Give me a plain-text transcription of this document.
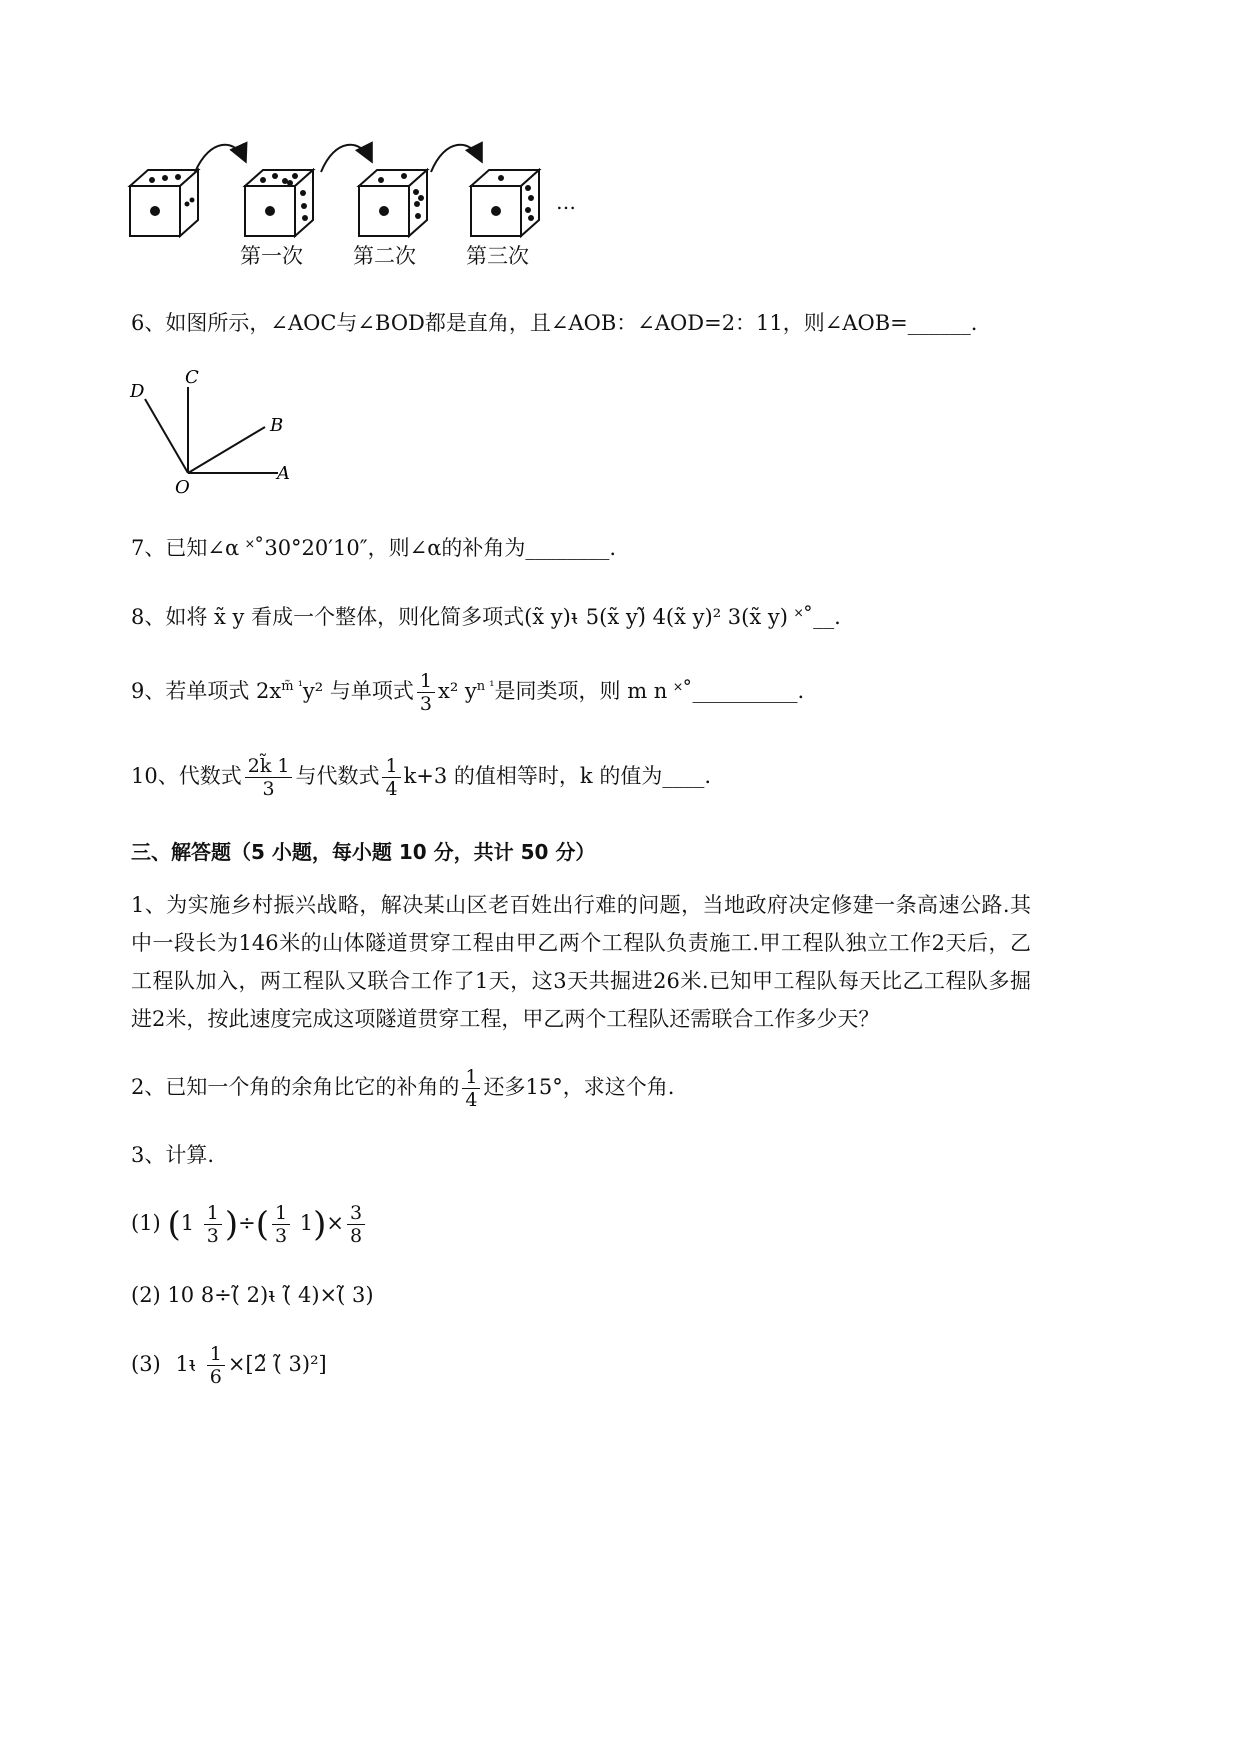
第一次 第二次 第三次
…
6、如图所示，∠AOC与∠BOD都是直角，且∠AOB：∠AOD=2：11，则∠AOB=______.
D
C
B
A
O
7、已知∠α ˟˚30°20′10″，则∠α的补角为________.
8、如将 x̃ y 看成一个整体，则化简多项式(x̃ y)ᵼ 5(x̃ y)̃ 4(x̃ y)² 3(x̃ y) ˟˚__.
9、若单项式 $2x^{m̃ ^1}y^2$ 与单项式 $\frac{1}{3} x^2$ $y^{n ^1}$是同类项，则 m n ˟˚__________.
10、代数式 $\frac{2k̃ 1}{3}$ 与代数式 $\frac{1}{4} k+3$ 的值相等时，k 的值为____.
三、解答题（5 小题，每小题 10 分，共计 50 分）
1、为实施乡村振兴战略，解决某山区老百姓出行难的问题，当地政府决定修建一条高速公路.其中一段长为146米的山体隧道贯穿工程由甲乙两个工程队负责施工.甲工程队独立工作2天后，乙工程队加入，两工程队又联合工作了1天，这3天共掘进26米.已知甲工程队每天比乙工程队多掘进2米，按此速度完成这项隧道贯穿工程，甲乙两个工程队还需联合工作多少天？
2、已知一个角的余角比它的补角的 $\frac{1}{4}$ 还多15°，求这个角.
3、计算.
(1) ($1 \frac{1}{3}$ )÷( $\frac{1}{3} 1)\times \frac{3}{8}$
(2) 10 8÷(̃ 2)ᵼ (̃ 4)×(̃ 3)
(3) 1ᵼ $\frac{1}{6}$ ×[2̃ (̃ 3)²]
